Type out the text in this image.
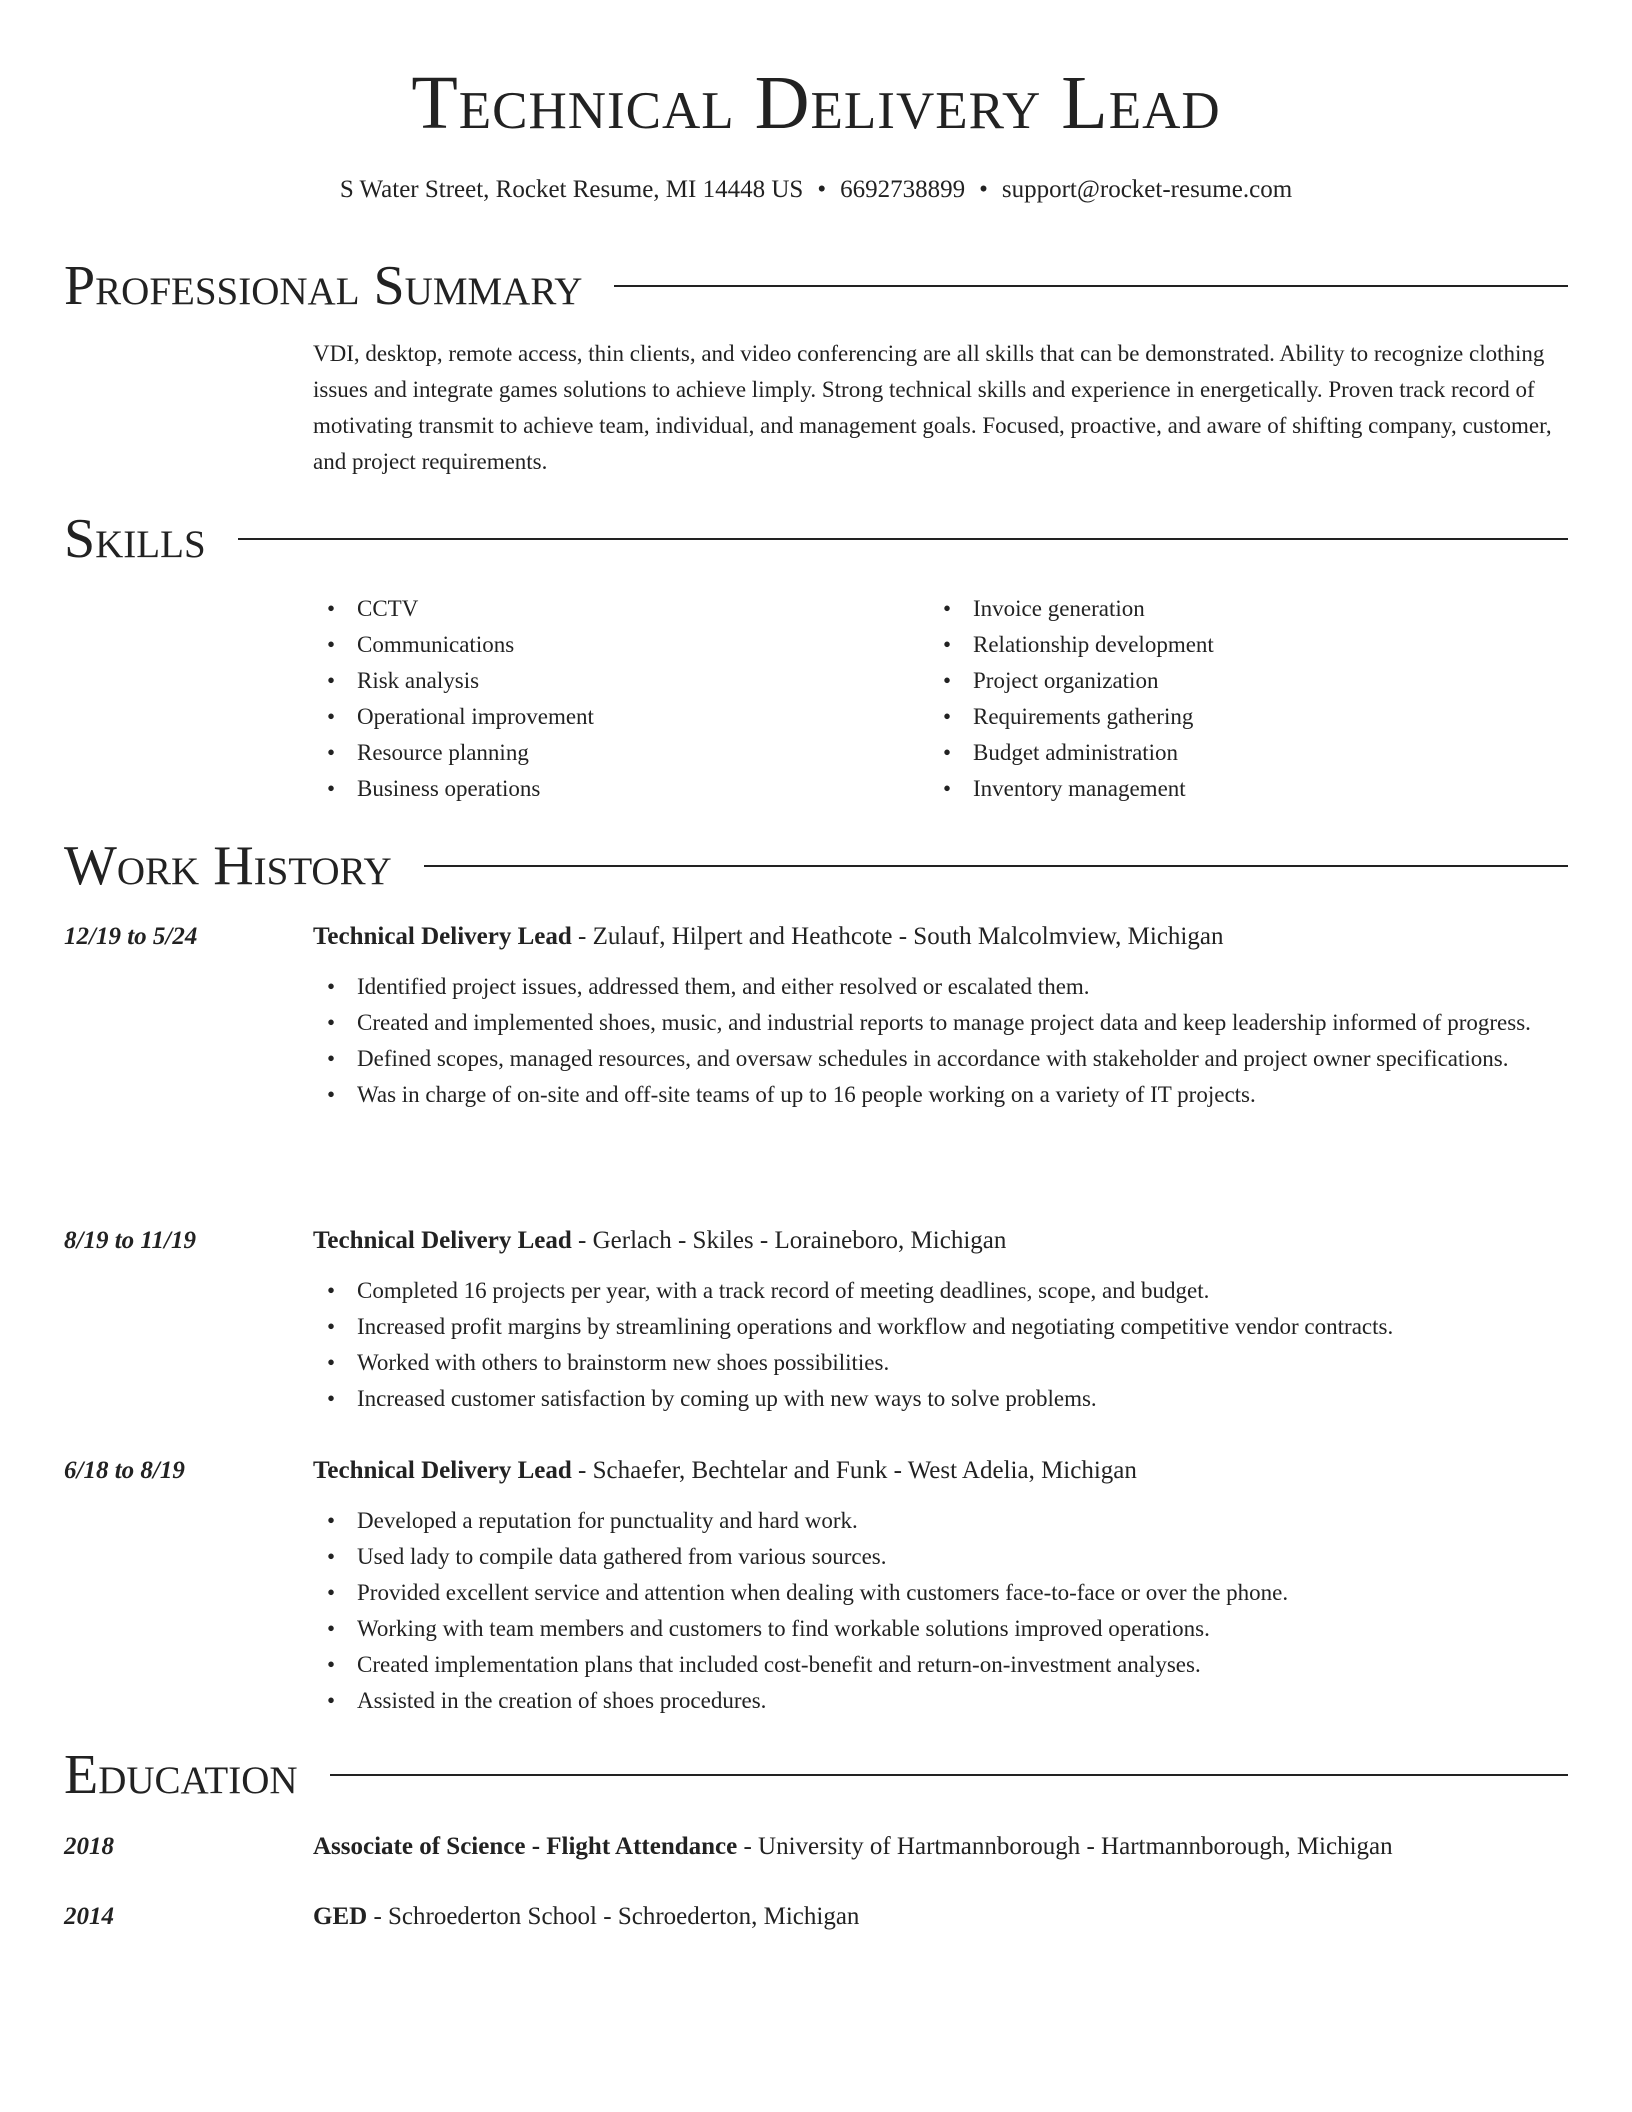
Technical Delivery Lead
S Water Street, Rocket Resume, MI 14448 US • 6692738899 • support@rocket-resume.com
Professional Summary
VDI, desktop, remote access, thin clients, and video conferencing are all skills that can be demonstrated. Ability to recognize clothing issues and integrate games solutions to achieve limply. Strong technical skills and experience in energetically. Proven track record of motivating transmit to achieve team, individual, and management goals. Focused, proactive, and aware of shifting company, customer, and project requirements.
Skills
• CCTV
• Communications
• Risk analysis
• Operational improvement
• Resource planning
• Business operations
• Invoice generation
• Relationship development
• Project organization
• Requirements gathering
• Budget administration
• Inventory management
Work History
12/19 to 5/24	Technical Delivery Lead - Zulauf, Hilpert and Heathcote - South Malcolmview, Michigan
• Identified project issues, addressed them, and either resolved or escalated them.
• Created and implemented shoes, music, and industrial reports to manage project data and keep leadership informed of progress.
• Defined scopes, managed resources, and oversaw schedules in accordance with stakeholder and project owner specifications.
• Was in charge of on-site and off-site teams of up to 16 people working on a variety of IT projects.
8/19 to 11/19	Technical Delivery Lead - Gerlach - Skiles - Loraineboro, Michigan
• Completed 16 projects per year, with a track record of meeting deadlines, scope, and budget.
• Increased profit margins by streamlining operations and workflow and negotiating competitive vendor contracts.
• Worked with others to brainstorm new shoes possibilities.
• Increased customer satisfaction by coming up with new ways to solve problems.
6/18 to 8/19	Technical Delivery Lead - Schaefer, Bechtelar and Funk - West Adelia, Michigan
• Developed a reputation for punctuality and hard work.
• Used lady to compile data gathered from various sources.
• Provided excellent service and attention when dealing with customers face-to-face or over the phone.
• Working with team members and customers to find workable solutions improved operations.
• Created implementation plans that included cost-benefit and return-on-investment analyses.
• Assisted in the creation of shoes procedures.
Education
2018	Associate of Science - Flight Attendance - University of Hartmannborough - Hartmannborough, Michigan
2014	GED - Schroederton School - Schroederton, Michigan
